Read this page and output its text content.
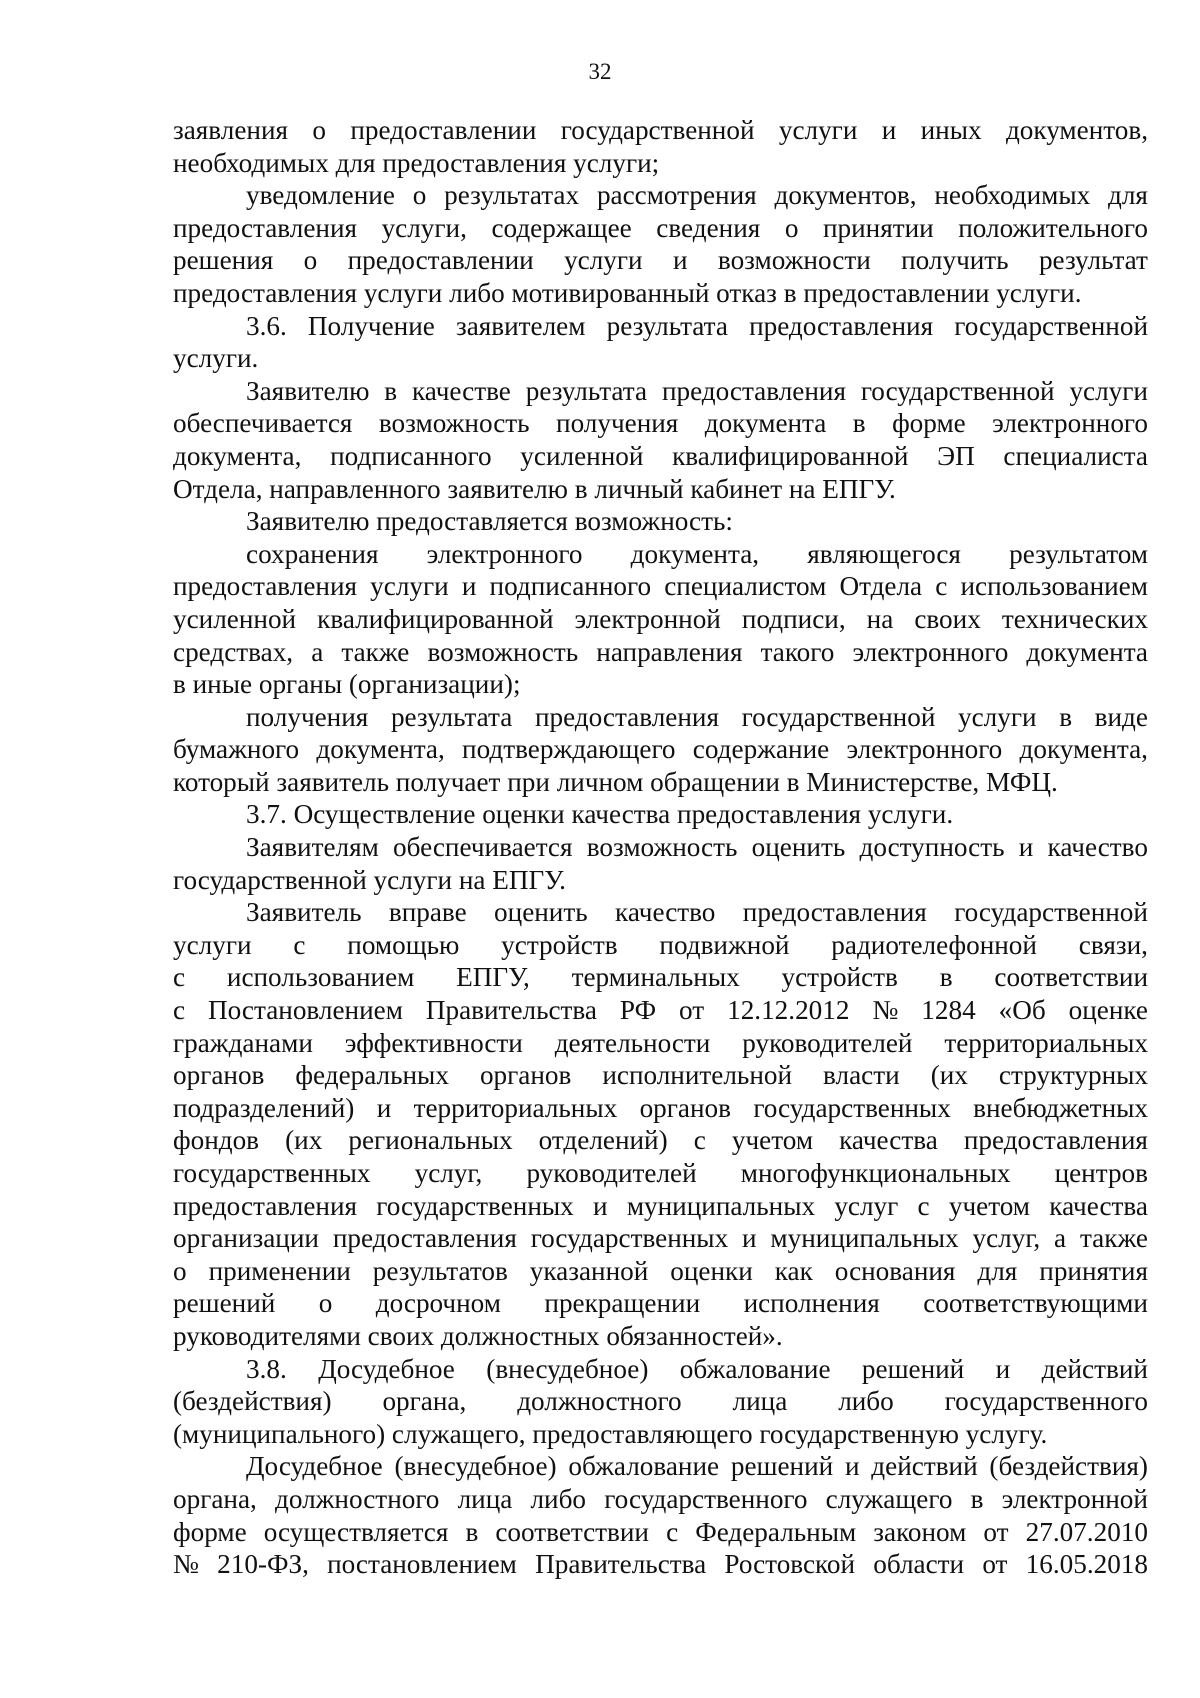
32
заявления о предоставлении государственной услуги и иных документов,
необходимых для предоставления услуги;
уведомление о результатах рассмотрения документов, необходимых для
предоставления услуги, содержащее сведения о принятии положительного
решения о предоставлении услуги и возможности получить результат
предоставления услуги либо мотивированный отказ в предоставлении услуги.
3.6. Получение заявителем результата предоставления государственной
услуги.
Заявителю в качестве результата предоставления государственной услуги
обеспечивается возможность получения документа в форме электронного
документа, подписанного усиленной квалифицированной ЭП специалиста
Отдела, направленного заявителю в личный кабинет на ЕПГУ.
Заявителю предоставляется возможность:
сохранения электронного документа, являющегося результатом
предоставления услуги и подписанного специалистом Отдела с использованием
усиленной квалифицированной электронной подписи, на своих технических
средствах, а также возможность направления такого электронного документа
в иные органы (организации);
получения результата предоставления государственной услуги в виде
бумажного документа, подтверждающего содержание электронного документа,
который заявитель получает при личном обращении в Министерстве, МФЦ.
3.7. Осуществление оценки качества предоставления услуги.
Заявителям обеспечивается возможность оценить доступность и качество
государственной услуги на ЕПГУ.
Заявитель вправе оценить качество предоставления государственной
услуги с помощью устройств подвижной радиотелефонной связи,
с использованием ЕПГУ, терминальных устройств в соответствии
с Постановлением Правительства РФ от 12.12.2012 № 1284 «Об оценке
гражданами эффективности деятельности руководителей территориальных
органов федеральных органов исполнительной власти (их структурных
подразделений) и территориальных органов государственных внебюджетных
фондов (их региональных отделений) с учетом качества предоставления
государственных услуг, руководителей многофункциональных центров
предоставления государственных и муниципальных услуг с учетом качества
организации предоставления государственных и муниципальных услуг, а также
о применении результатов указанной оценки как основания для принятия
решений о досрочном прекращении исполнения соответствующими
руководителями своих должностных обязанностей».
3.8. Досудебное (внесудебное) обжалование решений и действий
(бездействия) органа, должностного лица либо государственного
(муниципального) служащего, предоставляющего государственную услугу.
Досудебное (внесудебное) обжалование решений и действий (бездействия)
органа, должностного лица либо государственного служащего в электронной
форме осуществляется в соответствии с Федеральным законом от 27.07.2010
№ 210-ФЗ, постановлением Правительства Ростовской области от 16.05.2018
